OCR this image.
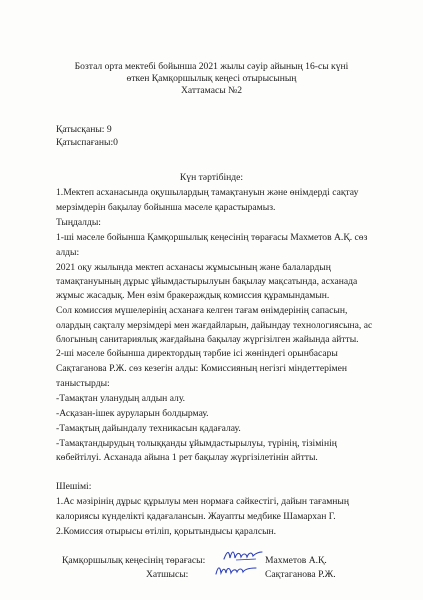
Бозтал орта мектебі бойынша 2021 жылы сәуір айының 16-сы күні
өткен Қамқоршылық кеңесі отырысының
Хаттамасы №2
Қатысқаны: 9
Қатыспағаны:0
Күн тәртібінде:
1.Мектеп асханасында оқушылардың тамақтануын және өнімдерді сақтау
мерзімдерін бақылау бойынша мәселе қарастырамыз.
Тыңдалды:
1-ші мәселе бойынша Қамқоршылық кеңесінің төрағасы Махметов А.Қ. сөз
алды:
2021 оқу жылында мектеп асханасы жұмысының және балалардың
тамақтануының дұрыс ұйымдастырылуын бақылау мақсатында, асханада
жұмыс жасадық. Мен өзім бракераждық комиссия құрамындамын.
Сол комиссия мүшелерінің асханаға келген тағам өнімдерінің сапасын,
олардың сақталу мерзімдері мен жағдайларын, дайындау технологиясына, ас
блогының санитариялық жағдайына бақылау жүргізілген жайында айтты.
2-ші мәселе бойынша директордың тәрбие ісі жөніндегі орынбасары
Сақтаганова Р.Ж. сөз кезегін алды: Комиссияның негізгі міндеттерімен
таныстырды:
-Тамақтан уланудың алдын алу.
-Асқазан-ішек ауруларын болдырмау.
-Тамақтың дайындалу техникасын қадағалау.
-Тамақтандырудың толыққанды ұйымдастырылуы, түрінің, тізімінің
көбейтілуі. Асханада айына 1 рет бақылау жүргізілетінін айтты.
Шешімі:
1.Ас мәзірінің дұрыс құрылуы мен нормаға сәйкестігі, дайын тағамның
калориясы күнделікті қадағалансын. Жауапты медбике Шамархан Г.
2.Комиссия отырысы өтіліп, қорытындысы қаралсын.
Қамқоршылық кеңесінің төрағасы:	Махметов А.Қ.
Хатшысы:	Сақтаганова Р.Ж.
